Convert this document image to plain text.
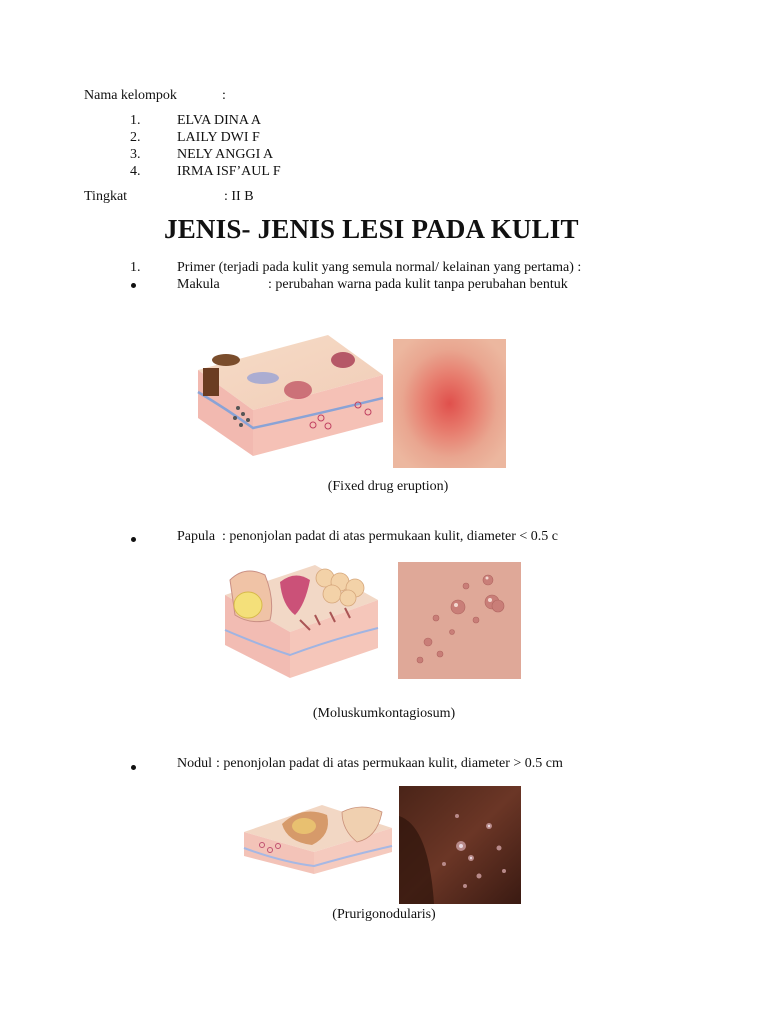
Nama kelompok	:
1.	ELVA DINA A
2.	LAILY DWI F
3.	NELY ANGGI A
4.	IRMA ISF’AUL F
Tingkat	: II B
JENIS- JENIS LESI PADA KULIT
1.	Primer (terjadi pada kulit yang semula normal/ kelainan yang pertama) :
Makula	: perubahan warna pada kulit tanpa perubahan bentuk
(Fixed drug eruption)
Papula : penonjolan padat di atas permukaan kulit, diameter < 0.5 c
(Moluskumkontagiosum)
Nodul : penonjolan padat di atas permukaan kulit, diameter > 0.5 cm
(Prurigonodularis)
